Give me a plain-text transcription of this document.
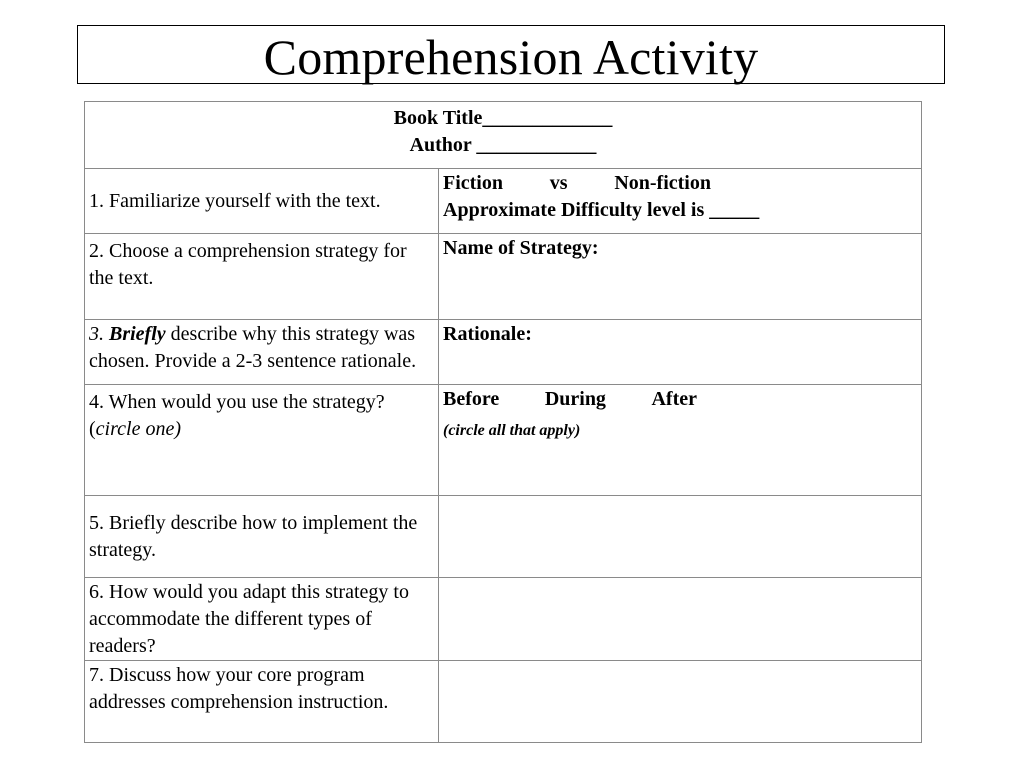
Comprehension Activity
Book Title_____________
Author ____________	

1. Familiarize yourself with the text.	Fiction vs Non-fiction
Approximate Difficulty level is _____

2. Choose a comprehension strategy for the text.	Name of Strategy:
3. Briefly describe why this strategy was chosen. Provide a 2-3 sentence rationale.	Rationale:
4. When would you use the strategy? (circle one)	Before During After
(circle all that apply)

5. Briefly describe how to implement the strategy.	
6. How would you adapt this strategy to accommodate the different types of readers?	
7. Discuss how your core program addresses comprehension instruction.	
